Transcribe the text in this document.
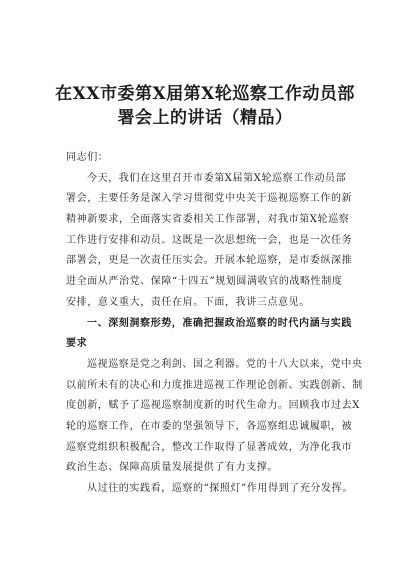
在XX市委第X届第X轮巡察工作动员部
署会上的讲话（精品）
同志们：
今天，我们在这里召开市委第X届第X轮巡察工作动员部
署会，主要任务是深入学习贯彻党中央关于巡视巡察工作的新
精神新要求，全面落实省委相关工作部署，对我市第X轮巡察
工作进行安排和动员。这既是一次思想统一会，也是一次任务
部署会，更是一次责任压实会。开展本轮巡察，是市委纵深推
进全面从严治党、保障“十四五”规划圆满收官的战略性制度
安排，意义重大，责任在肩。下面，我讲三点意见。
一、深刻洞察形势，准确把握政治巡察的时代内涵与实践
要求
巡视巡察是党之利剑、国之利器。党的十八大以来，党中央
以前所未有的决心和力度推进巡视工作理论创新、实践创新、制
度创新，赋予了巡视巡察制度新的时代生命力。回顾我市过去X
轮的巡察工作，在市委的坚强领导下，各巡察组忠诚履职，被
巡察党组织积极配合，整改工作取得了显著成效，为净化我市
政治生态、保障高质量发展提供了有力支撑。
从过往的实践看，巡察的“探照灯”作用得到了充分发挥。
